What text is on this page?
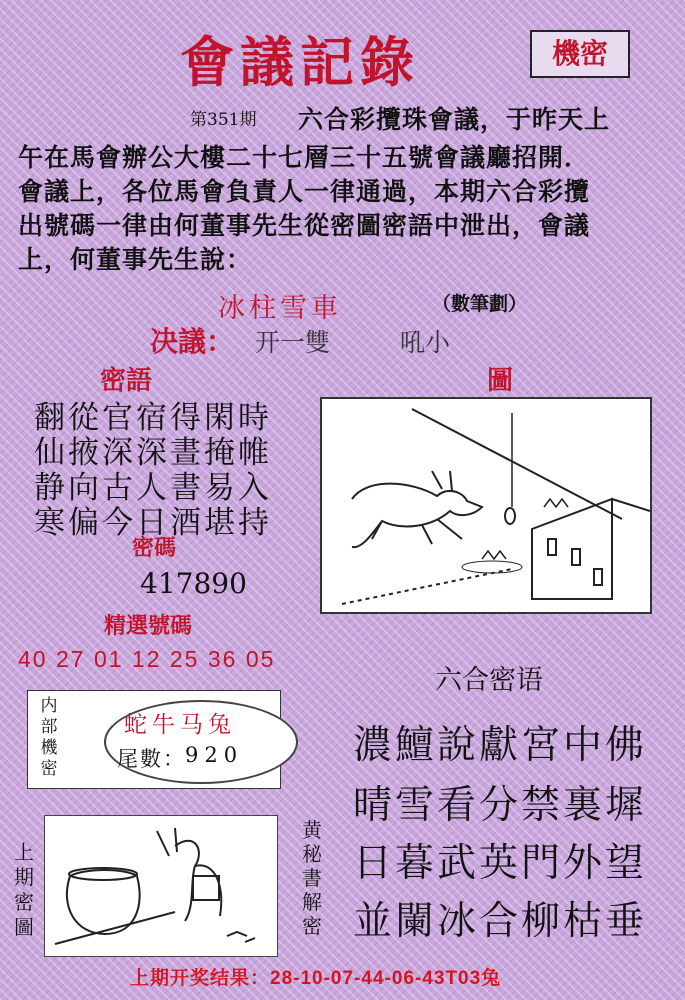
會議記錄	機密
第351期 六合彩攬珠會議，于昨天上
午在馬會辦公大樓二十七層三十五號會議廳招開．
會議上，各位馬會負責人一律通過，本期六合彩攬
出號碼一律由何董事先生從密圖密語中泄出，會議
上，何董事先生說：
冰柱雪車	（數筆劃）
决議： 开一雙	吼小
密語	圖
翻從官宿得閑時
仙掖深深晝掩帷
静向古人書易入
寒偏今日酒堪持
密碼
417890
精選號碼
40 27 01 12 25 36 05
内部機密
蛇牛马兔
尾數： 920
上期密圖
黄秘書解密
六合密语
濃鱣說獻宮中佛
晴雪看分禁裏墀
日暮武英門外望
並闌冰合柳枯垂
上期开奖结果：28-10-07-44-06-43T03兔
